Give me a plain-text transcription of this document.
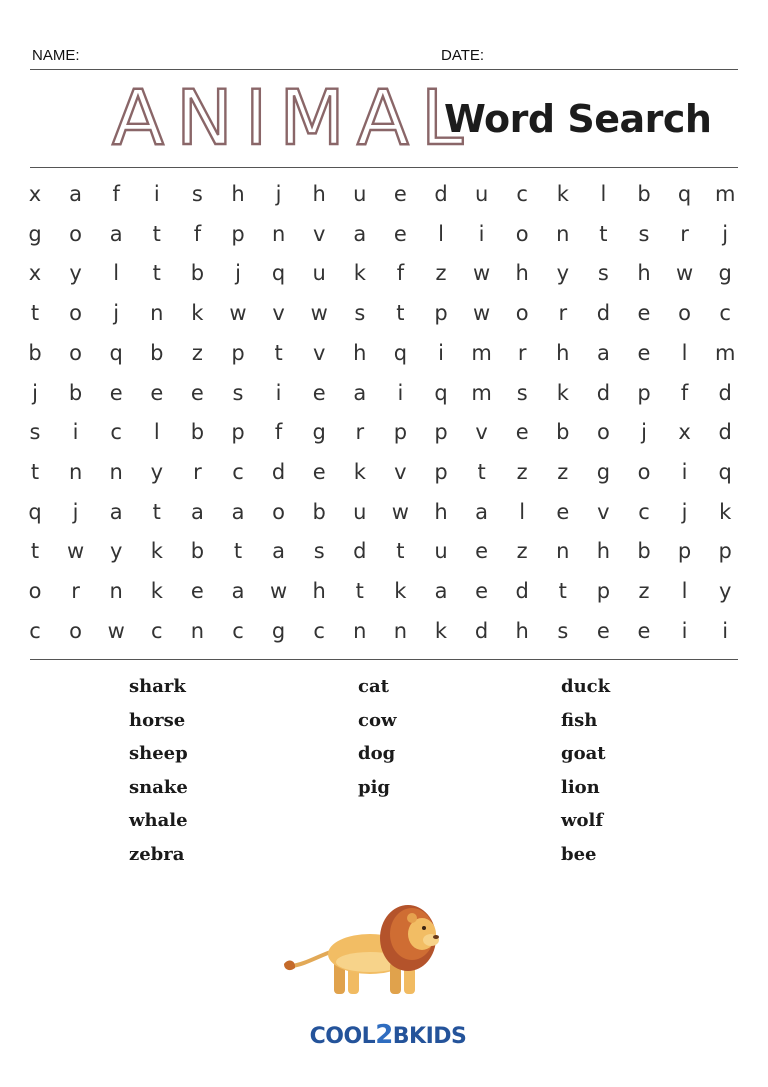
NAME:	DATE:
ANIMAL
Word Search
x	a	f	i	s	h	j	h	u	e	d	u	c	k	l	b	q	m
g	o	a	t	f	p	n	v	a	e	l	i	o	n	t	s	r	j
x	y	l	t	b	j	q	u	k	f	z	w	h	y	s	h	w	g
t	o	j	n	k	w	v	w	s	t	p	w	o	r	d	e	o	c
b	o	q	b	z	p	t	v	h	q	i	m	r	h	a	e	l	m
j	b	e	e	e	s	i	e	a	i	q	m	s	k	d	p	f	d
s	i	c	l	b	p	f	g	r	p	p	v	e	b	o	j	x	d
t	n	n	y	r	c	d	e	k	v	p	t	z	z	g	o	i	q
q	j	a	t	a	a	o	b	u	w	h	a	l	e	v	c	j	k
t	w	y	k	b	t	a	s	d	t	u	e	z	n	h	b	p	p
o	r	n	k	e	a	w	h	t	k	a	e	d	t	p	z	l	y
c	o	w	c	n	c	g	c	n	n	k	d	h	s	e	e	i	i
shark
horse
sheep
snake
whale
zebra
cat
cow
dog
pig
duck
fish
goat
lion
wolf
bee
COOL2BKIDS
